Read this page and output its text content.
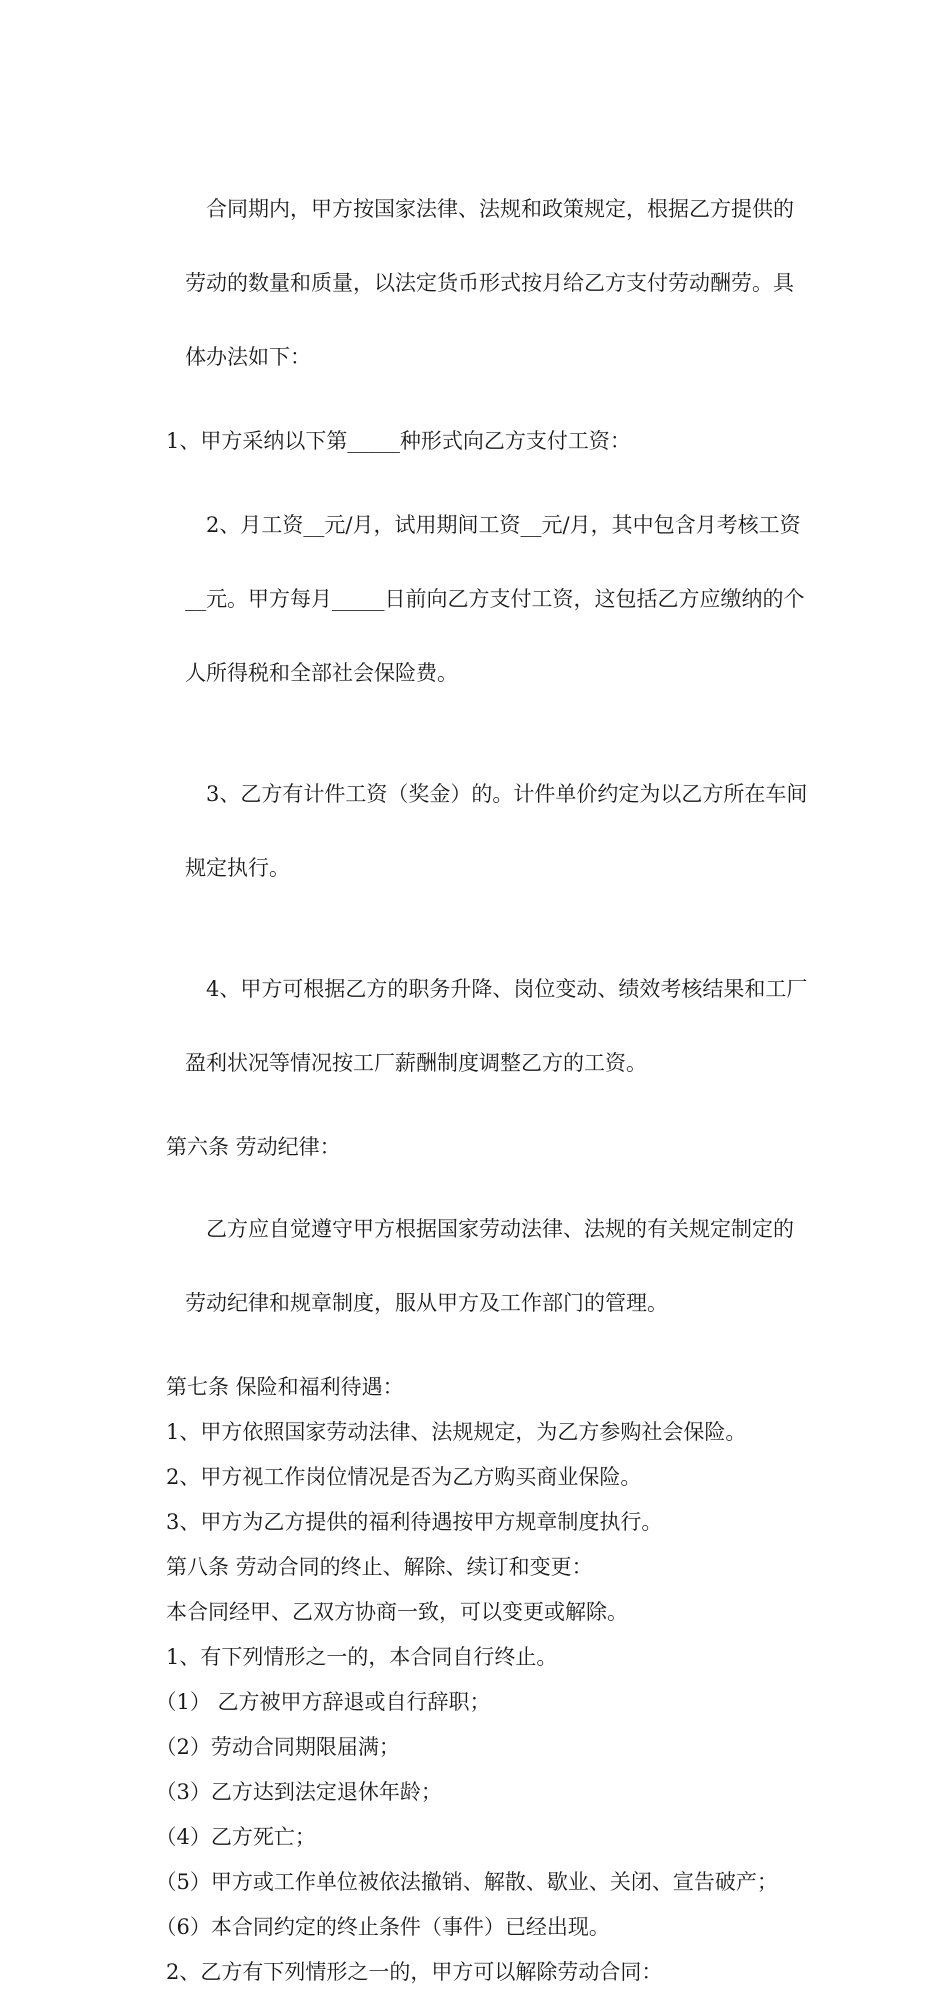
　合同期内，甲方按国家法律、法规和政策规定，根据乙方提供的

劳动的数量和质量，以法定货币形式按月给乙方支付劳动酬劳。具

体办法如下：

　1、甲方采纳以下第_____种形式向乙方支付工资：

　2、月工资__元/月，试用期间工资__元/月，其中包含月考核工资

__元。甲方每月_____日前向乙方支付工资，这包括乙方应缴纳的个

人所得税和全部社会保险费。

　3、乙方有计件工资（奖金）的。计件单价约定为以乙方所在车间

规定执行。

　4、甲方可根据乙方的职务升降、岗位变动、绩效考核结果和工厂

盈利状况等情况按工厂薪酬制度调整乙方的工资。

　第六条 劳动纪律：

　乙方应自觉遵守甲方根据国家劳动法律、法规的有关规定制定的

劳动纪律和规章制度，服从甲方及工作部门的管理。

　第七条 保险和福利待遇：

　1、甲方依照国家劳动法律、法规规定，为乙方参购社会保险。

　2、甲方视工作岗位情况是否为乙方购买商业保险。

　3、甲方为乙方提供的福利待遇按甲方规章制度执行。

　第八条 劳动合同的终止、解除、续订和变更：

　本合同经甲、乙双方协商一致，可以变更或解除。

　1、有下列情形之一的，本合同自行终止。

　（1） 乙方被甲方辞退或自行辞职；

　（2）劳动合同期限届满；

　（3）乙方达到法定退休年龄；

　（4）乙方死亡；

　（5）甲方或工作单位被依法撤销、解散、歇业、关闭、宣告破产；

　（6）本合同约定的终止条件（事件）已经出现。

　2、乙方有下列情形之一的，甲方可以解除劳动合同：
